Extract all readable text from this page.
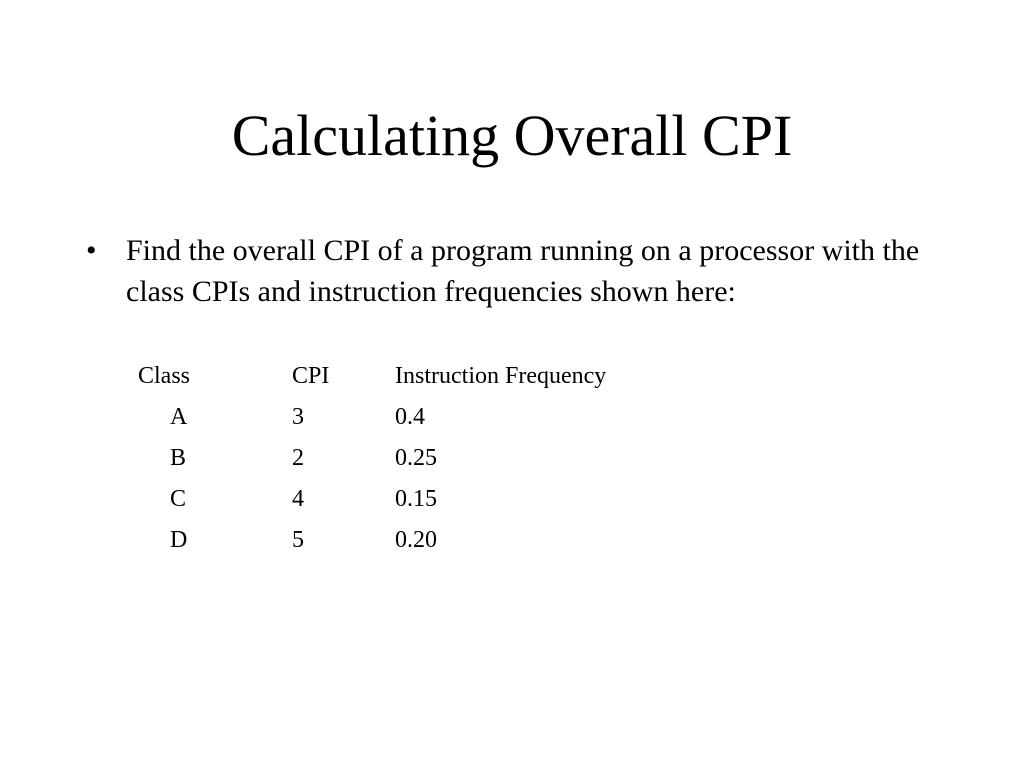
Calculating Overall CPI
• Find the overall CPI of a program running on a processor with the class CPIs and instruction frequencies shown here:

Class	CPI	Instruction Frequency
A	3	0.4
B	2	0.25
C	4	0.15
D	5	0.20
